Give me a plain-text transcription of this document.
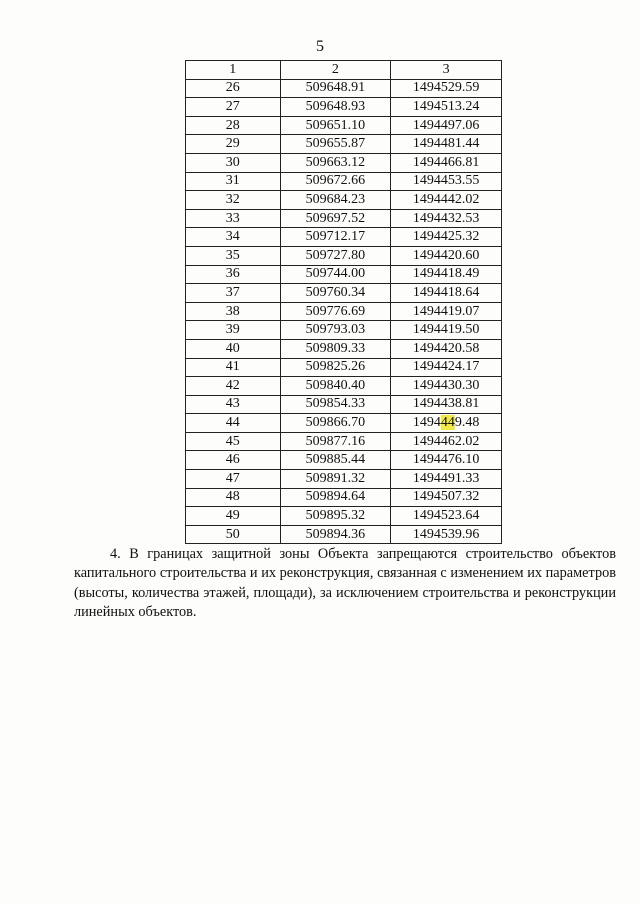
5
1	2	3
26	509648.91	1494529.59
27	509648.93	1494513.24
28	509651.10	1494497.06
29	509655.87	1494481.44
30	509663.12	1494466.81
31	509672.66	1494453.55
32	509684.23	1494442.02
33	509697.52	1494432.53
34	509712.17	1494425.32
35	509727.80	1494420.60
36	509744.00	1494418.49
37	509760.34	1494418.64
38	509776.69	1494419.07
39	509793.03	1494419.50
40	509809.33	1494420.58
41	509825.26	1494424.17
42	509840.40	1494430.30
43	509854.33	1494438.81
44	509866.70	1494449.48
45	509877.16	1494462.02
46	509885.44	1494476.10
47	509891.32	1494491.33
48	509894.64	1494507.32
49	509895.32	1494523.64
50	509894.36	1494539.96

4. В границах защитной зоны Объекта запрещаются строительство объектов капитального строительства и их реконструкция, связанная с изменением их параметров (высоты, количества этажей, площади), за исключением строительства и реконструкции линейных объектов.
